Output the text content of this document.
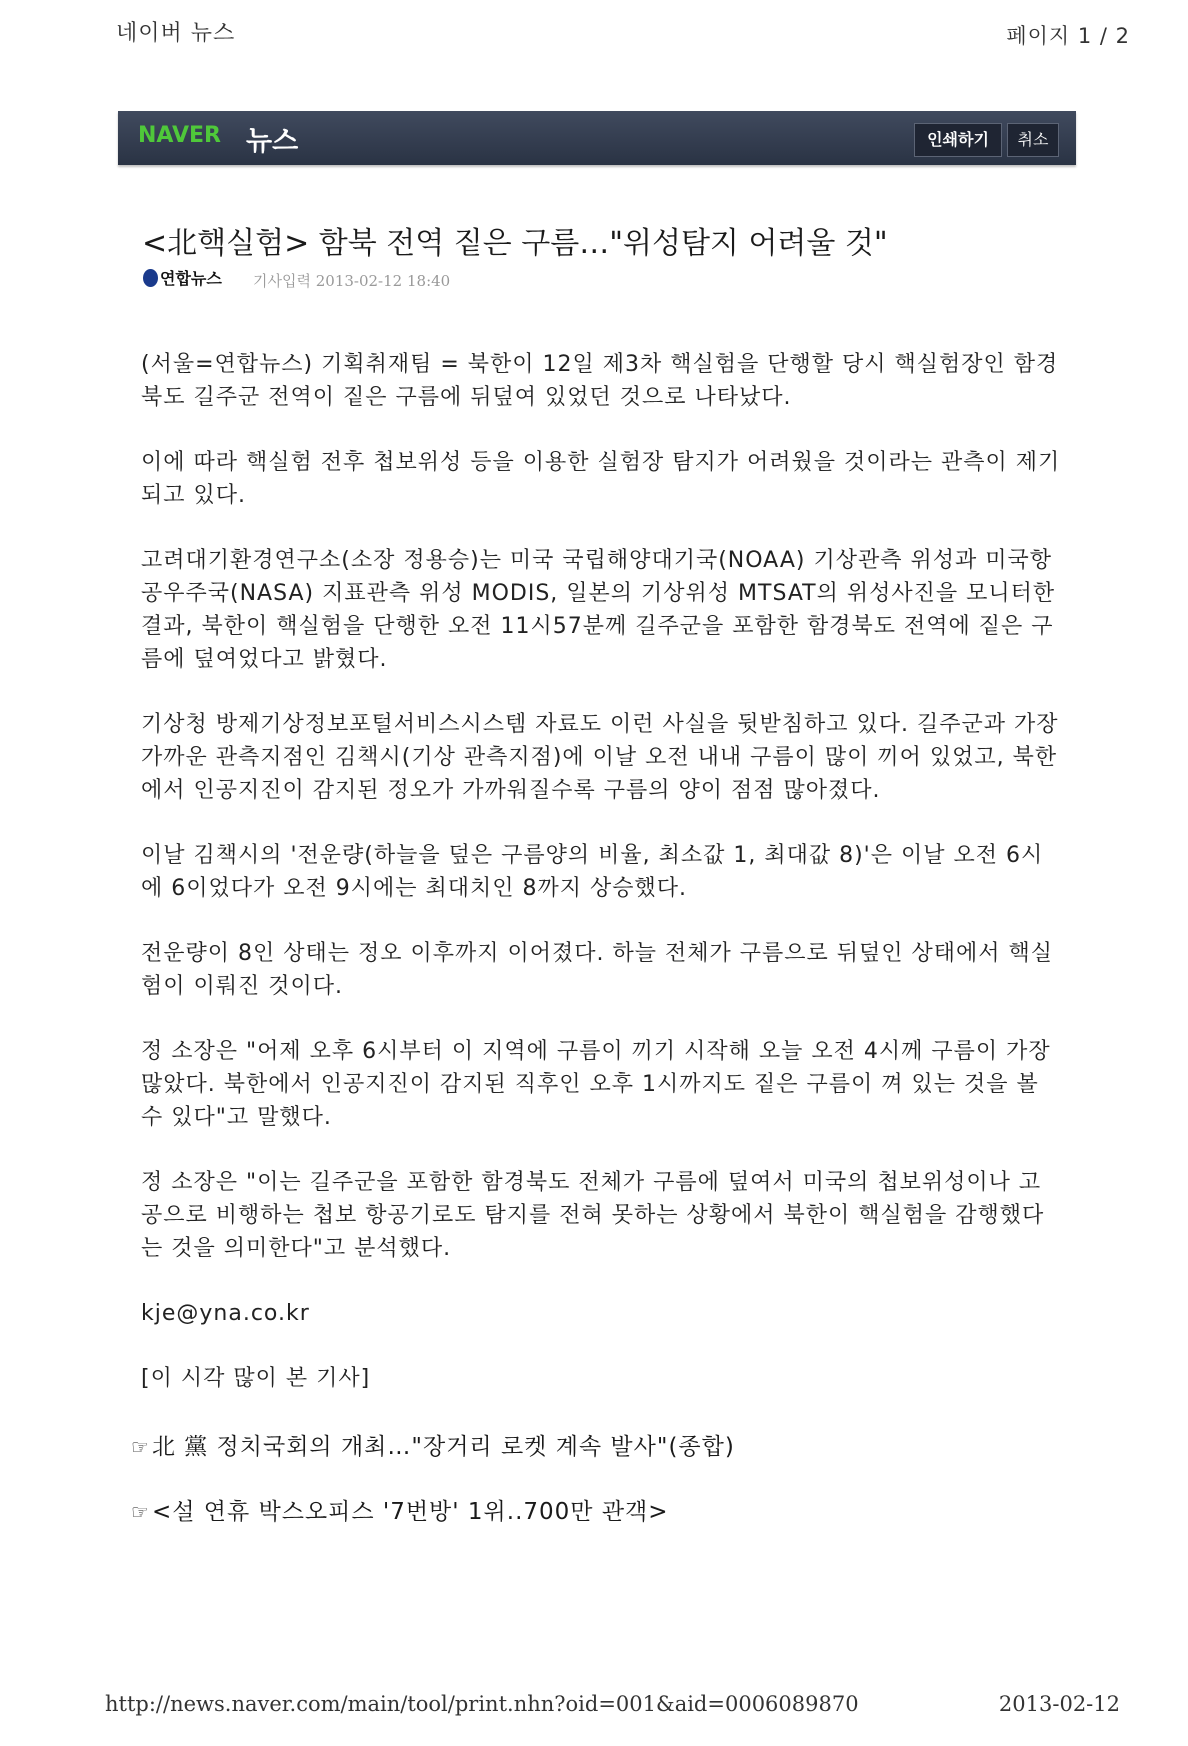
네이버 뉴스	페이지 1 / 2
NAVER 뉴스	인쇄하기	취소
<北핵실험> 함북 전역 짙은 구름…"위성탐지 어려울 것"
연합뉴스 기사입력 2013-02-12 18:40

(서울=연합뉴스) 기획취재팀 = 북한이 12일 제3차 핵실험을 단행할 당시 핵실험장인 함경북도 길주군 전역이 짙은 구름에 뒤덮여 있었던 것으로 나타났다.

이에 따라 핵실험 전후 첩보위성 등을 이용한 실험장 탐지가 어려웠을 것이라는 관측이 제기되고 있다.

고려대기환경연구소(소장 정용승)는 미국 국립해양대기국(NOAA) 기상관측 위성과 미국항공우주국(NASA) 지표관측 위성 MODIS, 일본의 기상위성 MTSAT의 위성사진을 모니터한 결과, 북한이 핵실험을 단행한 오전 11시57분께 길주군을 포함한 함경북도 전역에 짙은 구름에 덮여었다고 밝혔다.

기상청 방제기상정보포털서비스시스템 자료도 이런 사실을 뒷받침하고 있다. 길주군과 가장 가까운 관측지점인 김책시(기상 관측지점)에 이날 오전 내내 구름이 많이 끼어 있었고, 북한에서 인공지진이 감지된 정오가 가까워질수록 구름의 양이 점점 많아졌다.

이날 김책시의 '전운량(하늘을 덮은 구름양의 비율, 최소값 1, 최대값 8)'은 이날 오전 6시에 6이었다가 오전 9시에는 최대치인 8까지 상승했다.

전운량이 8인 상태는 정오 이후까지 이어졌다. 하늘 전체가 구름으로 뒤덮인 상태에서 핵실험이 이뤄진 것이다.

정 소장은 "어제 오후 6시부터 이 지역에 구름이 끼기 시작해 오늘 오전 4시께 구름이 가장 많았다. 북한에서 인공지진이 감지된 직후인 오후 1시까지도 짙은 구름이 껴 있는 것을 볼 수 있다"고 말했다.

정 소장은 "이는 길주군을 포함한 함경북도 전체가 구름에 덮여서 미국의 첩보위성이나 고공으로 비행하는 첩보 항공기로도 탐지를 전혀 못하는 상황에서 북한이 핵실험을 감행했다는 것을 의미한다"고 분석했다.

kje@yna.co.kr
[이 시각 많이 본 기사]
☞北 黨 정치국회의 개최…"장거리 로켓 계속 발사"(종합)
☞<설 연휴 박스오피스 '7번방' 1위..700만 관객>
http://news.naver.com/main/tool/print.nhn?oid=001&aid=0006089870	2013-02-12
